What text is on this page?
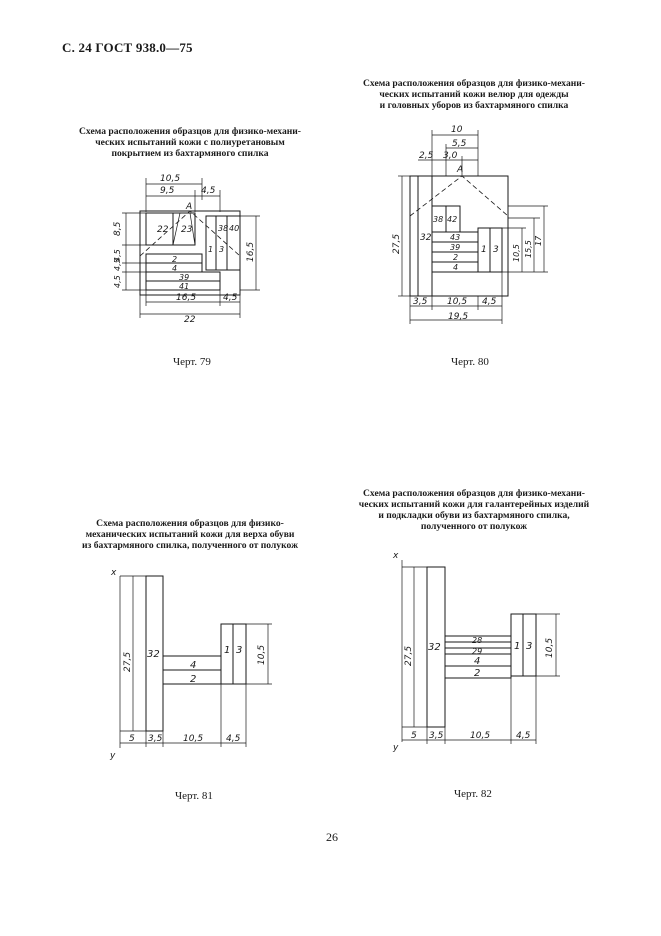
С. 24 ГОСТ 938.0—75
Схема расположения образцов для физико-механи-
ческих испытаний кожи велюр для одежды
и головных уборов из бахтармяного спилка
Схема расположения образцов для физико-механи-
ческих испытаний кожи с полиуретановым
покрытием из бахтармяного спилка
10,5
9,5	4,5
A
22 23	38 40
1 3
2
4
39
41
8,5
4,5
4,5
4,5
16,5
16,5	4,5
22
10
5,5
2,5 3,0
A
32
38 42
43
39
2
4
1 3
27,5	10,5 15,5 17
3,5 10,5 4,5
19,5
Черт. 79	Черт. 80
Схема расположения образцов для физико-механи-
ческих испытаний кожи для галантерейных изделий
и подкладки обуви из бахтармяного спилка,
полученного от полукож
Схема расположения образцов для физико-
механических испытаний кожи для верха обуви
из бахтармяного спилка, полученного от полукож
x
y
27,5 32
4
2
1 3 10,5
5 3,5 10,5	4,5
x
y
27,5 32
28
29
4
2
1 3 10,5
5 3,5	10,5	4,5
Черт. 81	Черт. 82
26
